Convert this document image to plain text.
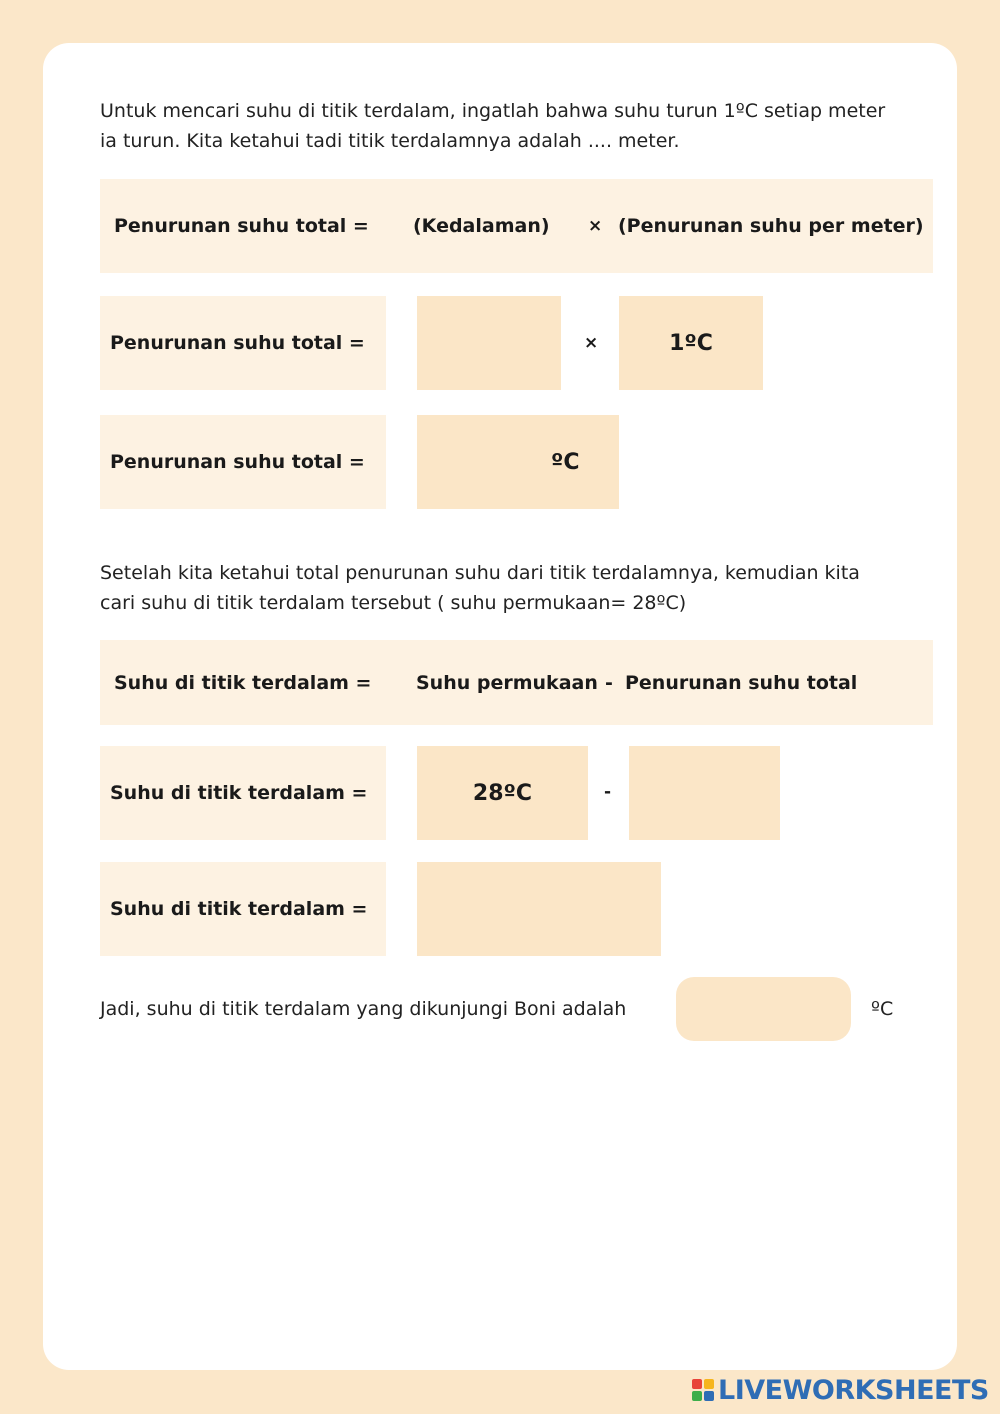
Untuk mencari suhu di titik terdalam, ingatlah bahwa suhu turun 1ºC setiap meter
ia turun. Kita ketahui tadi titik terdalamnya adalah .... meter.

Penurunan suhu total = (Kedalaman) × (Penurunan suhu per meter)
Penurunan suhu total =	×	1ºC
Penurunan suhu total =	ºC

Setelah kita ketahui total penurunan suhu dari titik terdalamnya, kemudian kita
cari suhu di titik terdalam tersebut ( suhu permukaan= 28ºC)

Suhu di titik terdalam = Suhu permukaan - Penurunan suhu total
Suhu di titik terdalam =	28ºC	-
Suhu di titik terdalam =
Jadi, suhu di titik terdalam yang dikunjungi Boni adalah	ºC
LIVEWORKSHEETS
